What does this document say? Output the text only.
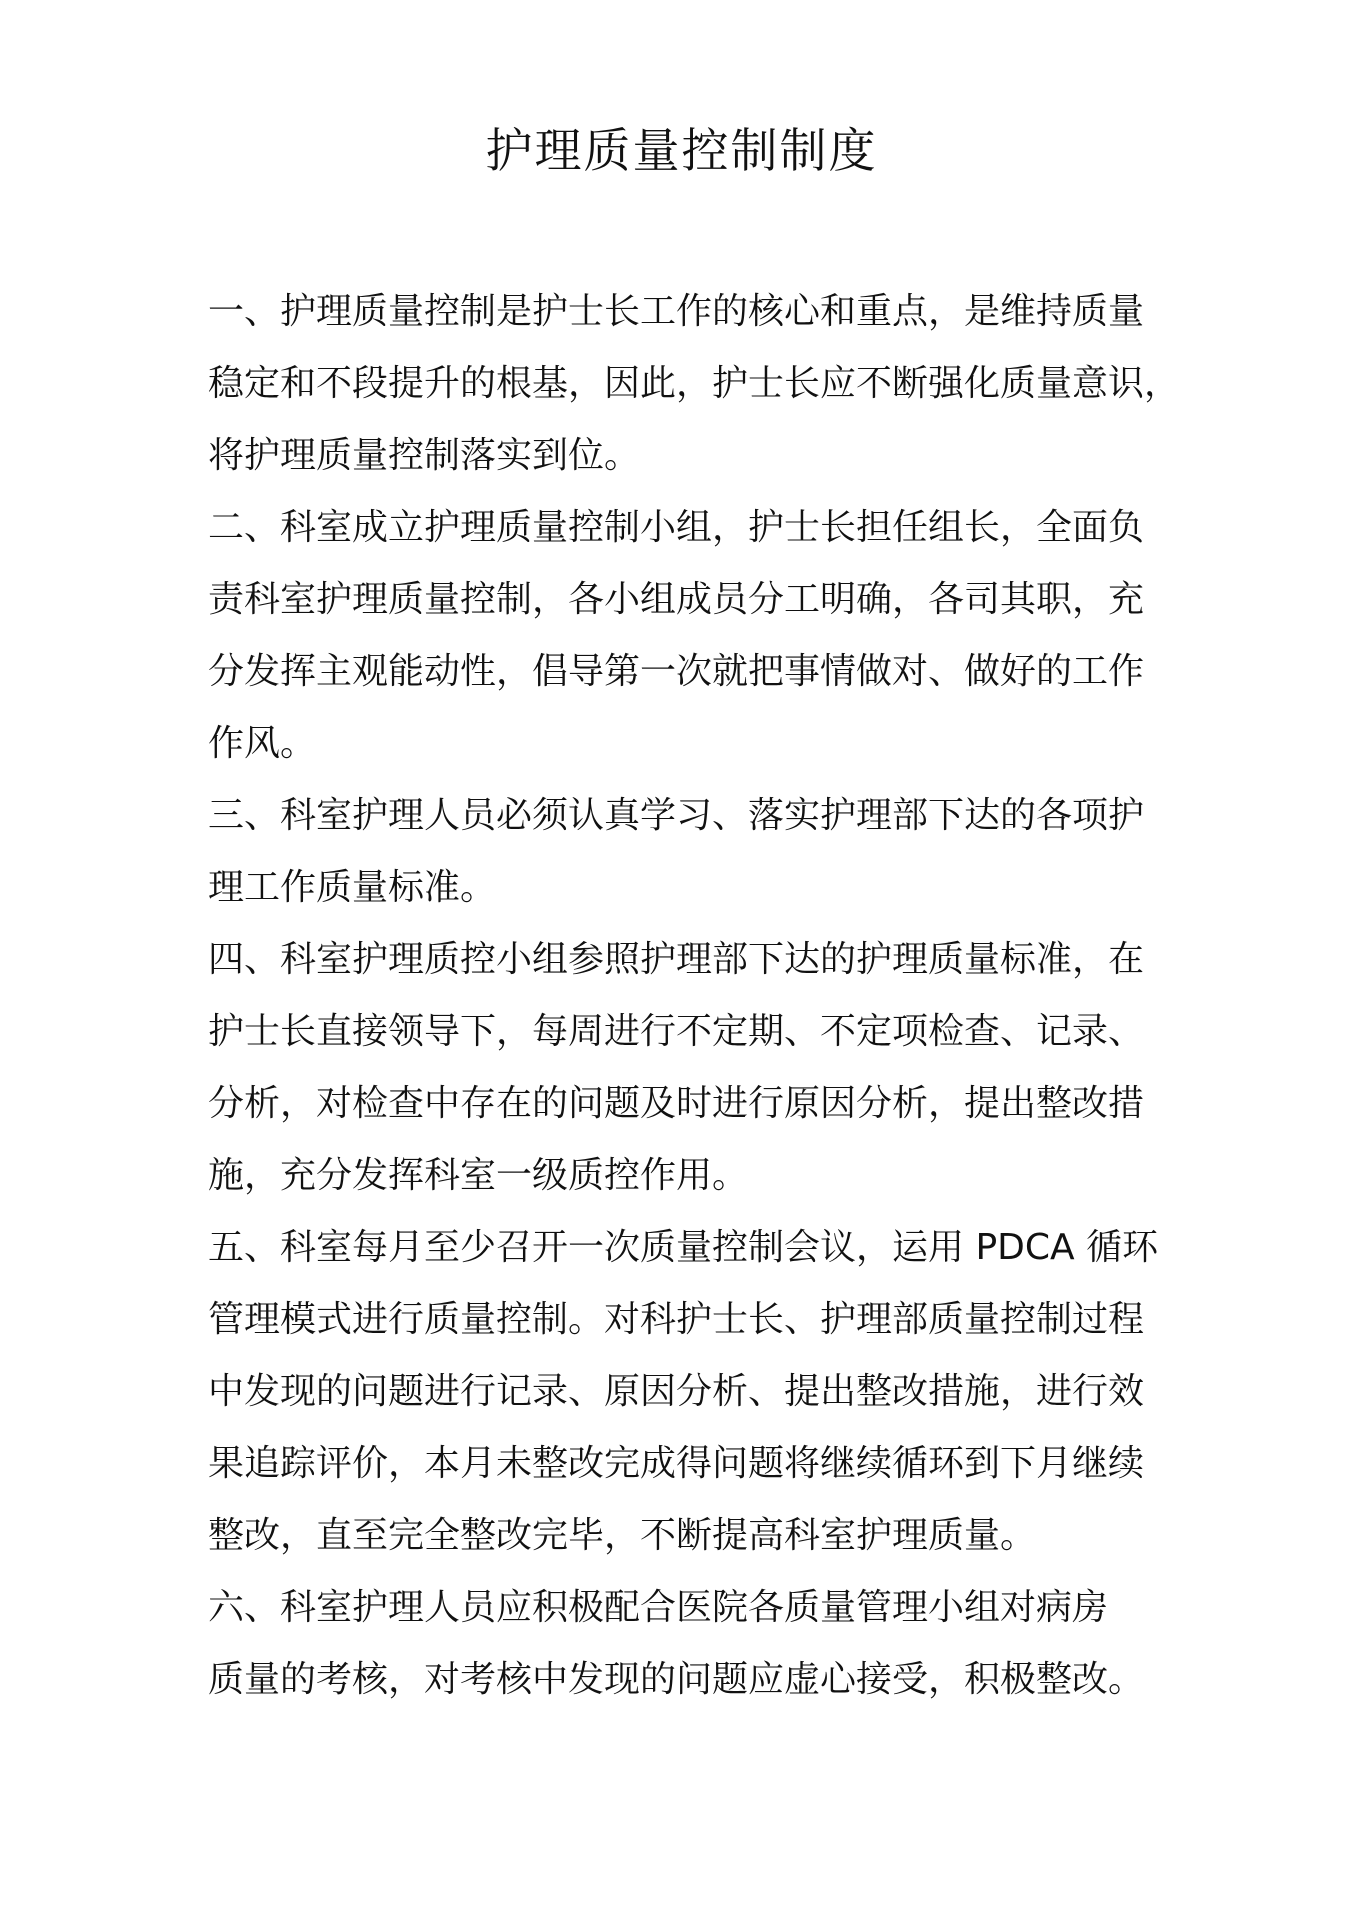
护理质量控制制度
一、护理质量控制是护士长工作的核心和重点，是维持质量
稳定和不段提升的根基，因此，护士长应不断强化质量意识，
将护理质量控制落实到位。
二、科室成立护理质量控制小组，护士长担任组长，全面负
责科室护理质量控制，各小组成员分工明确，各司其职，充
分发挥主观能动性，倡导第一次就把事情做对、做好的工作
作风。
三、科室护理人员必须认真学习、落实护理部下达的各项护
理工作质量标准。
四、科室护理质控小组参照护理部下达的护理质量标准，在
护士长直接领导下，每周进行不定期、不定项检查、记录、
分析，对检查中存在的问题及时进行原因分析，提出整改措
施，充分发挥科室一级质控作用。
五、科室每月至少召开一次质量控制会议，运用 PDCA 循环
管理模式进行质量控制。对科护士长、护理部质量控制过程
中发现的问题进行记录、原因分析、提出整改措施，进行效
果追踪评价，本月未整改完成得问题将继续循环到下月继续
整改，直至完全整改完毕，不断提高科室护理质量。
六、科室护理人员应积极配合医院各质量管理小组对病房
质量的考核，对考核中发现的问题应虚心接受，积极整改。
